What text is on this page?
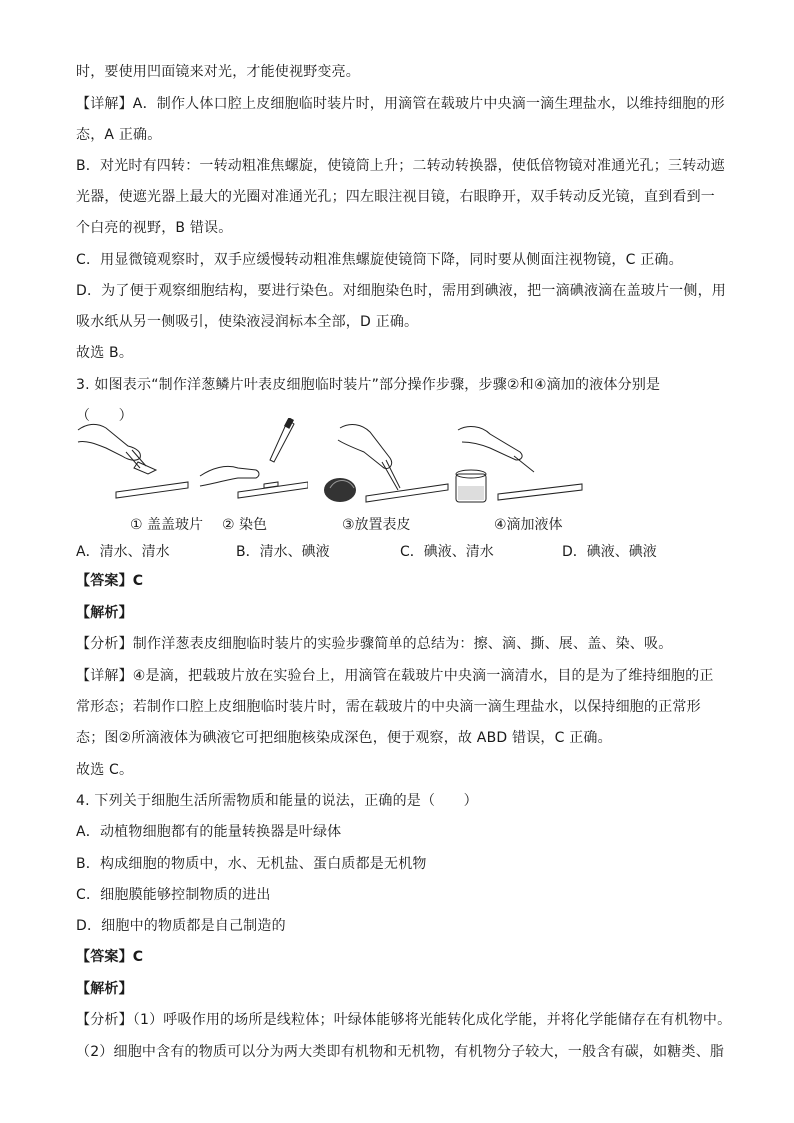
时，要使用凹面镜来对光，才能使视野变亮。
【详解】A．制作人体口腔上皮细胞临时装片时，用滴管在载玻片中央滴一滴生理盐水，以维持细胞的形
态，A 正确。
B．对光时有四转：一转动粗准焦螺旋，使镜筒上升；二转动转换器，使低倍物镜对准通光孔；三转动遮
光器，使遮光器上最大的光圈对准通光孔；四左眼注视目镜，右眼睁开，双手转动反光镜，直到看到一
个白亮的视野，B 错误。
C．用显微镜观察时，双手应缓慢转动粗准焦螺旋使镜筒下降，同时要从侧面注视物镜，C 正确。
D．为了便于观察细胞结构，要进行染色。对细胞染色时，需用到碘液，把一滴碘液滴在盖玻片一侧，用
吸水纸从另一侧吸引，使染液浸润标本全部，D 正确。
故选 B。
3. 如图表示“制作洋葱鳞片叶表皮细胞临时装片”部分操作步骤，步骤②和④滴加的液体分别是
（　　）
① 盖盖玻片 ② 染色	③放置表皮	④滴加液体
A．清水、清水	B．清水、碘液	C．碘液、清水	D．碘液、碘液
【答案】C
【解析】
【分析】制作洋葱表皮细胞临时装片的实验步骤简单的总结为：擦、滴、撕、展、盖、染、吸。
【详解】④是滴，把载玻片放在实验台上，用滴管在载玻片中央滴一滴清水，目的是为了维持细胞的正
常形态；若制作口腔上皮细胞临时装片时，需在载玻片的中央滴一滴生理盐水，以保持细胞的正常形
态；图②所滴液体为碘液它可把细胞核染成深色，便于观察，故 ABD 错误，C 正确。
故选 C。
4. 下列关于细胞生活所需物质和能量的说法，正确的是（　　）
A．动植物细胞都有的能量转换器是叶绿体
B．构成细胞的物质中，水、无机盐、蛋白质都是无机物
C．细胞膜能够控制物质的进出
D．细胞中的物质都是自己制造的
【答案】C
【解析】
【分析】（1）呼吸作用的场所是线粒体；叶绿体能够将光能转化成化学能，并将化学能储存在有机物中。
（2）细胞中含有的物质可以分为两大类即有机物和无机物，有机物分子较大，一般含有碳，如糖类、脂
